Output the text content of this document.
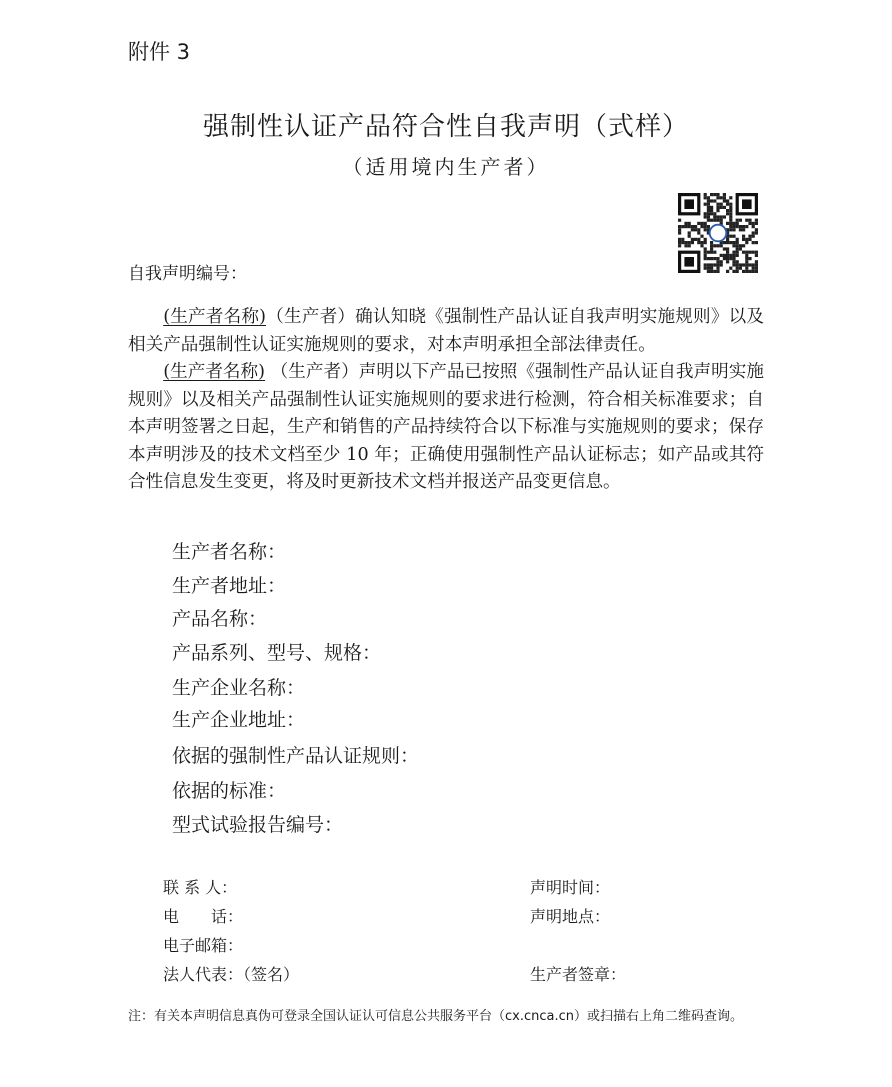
附件 3
强制性认证产品符合性自我声明（式样）
（适用境内生产者）
自我声明编号：
(生产者名称)（生产者）确认知晓《强制性产品认证自我声明实施规则》以及相关产品强制性认证实施规则的要求，对本声明承担全部法律责任。
(生产者名称) （生产者）声明以下产品已按照《强制性产品认证自我声明实施规则》以及相关产品强制性认证实施规则的要求进行检测，符合相关标准要求；自本声明签署之日起，生产和销售的产品持续符合以下标准与实施规则的要求；保存本声明涉及的技术文档至少 10 年；正确使用强制性产品认证标志；如产品或其符合性信息发生变更，将及时更新技术文档并报送产品变更信息。
生产者名称：
生产者地址：
产品名称：
产品系列、型号、规格：
生产企业名称：
生产企业地址：
依据的强制性产品认证规则：
依据的标准：
型式试验报告编号：
联 系 人：
电　　话：
电子邮箱：
法人代表：（签名）
声明时间：
声明地点：
生产者签章：
注：有关本声明信息真伪可登录全国认证认可信息公共服务平台（cx.cnca.cn）或扫描右上角二维码查询。
